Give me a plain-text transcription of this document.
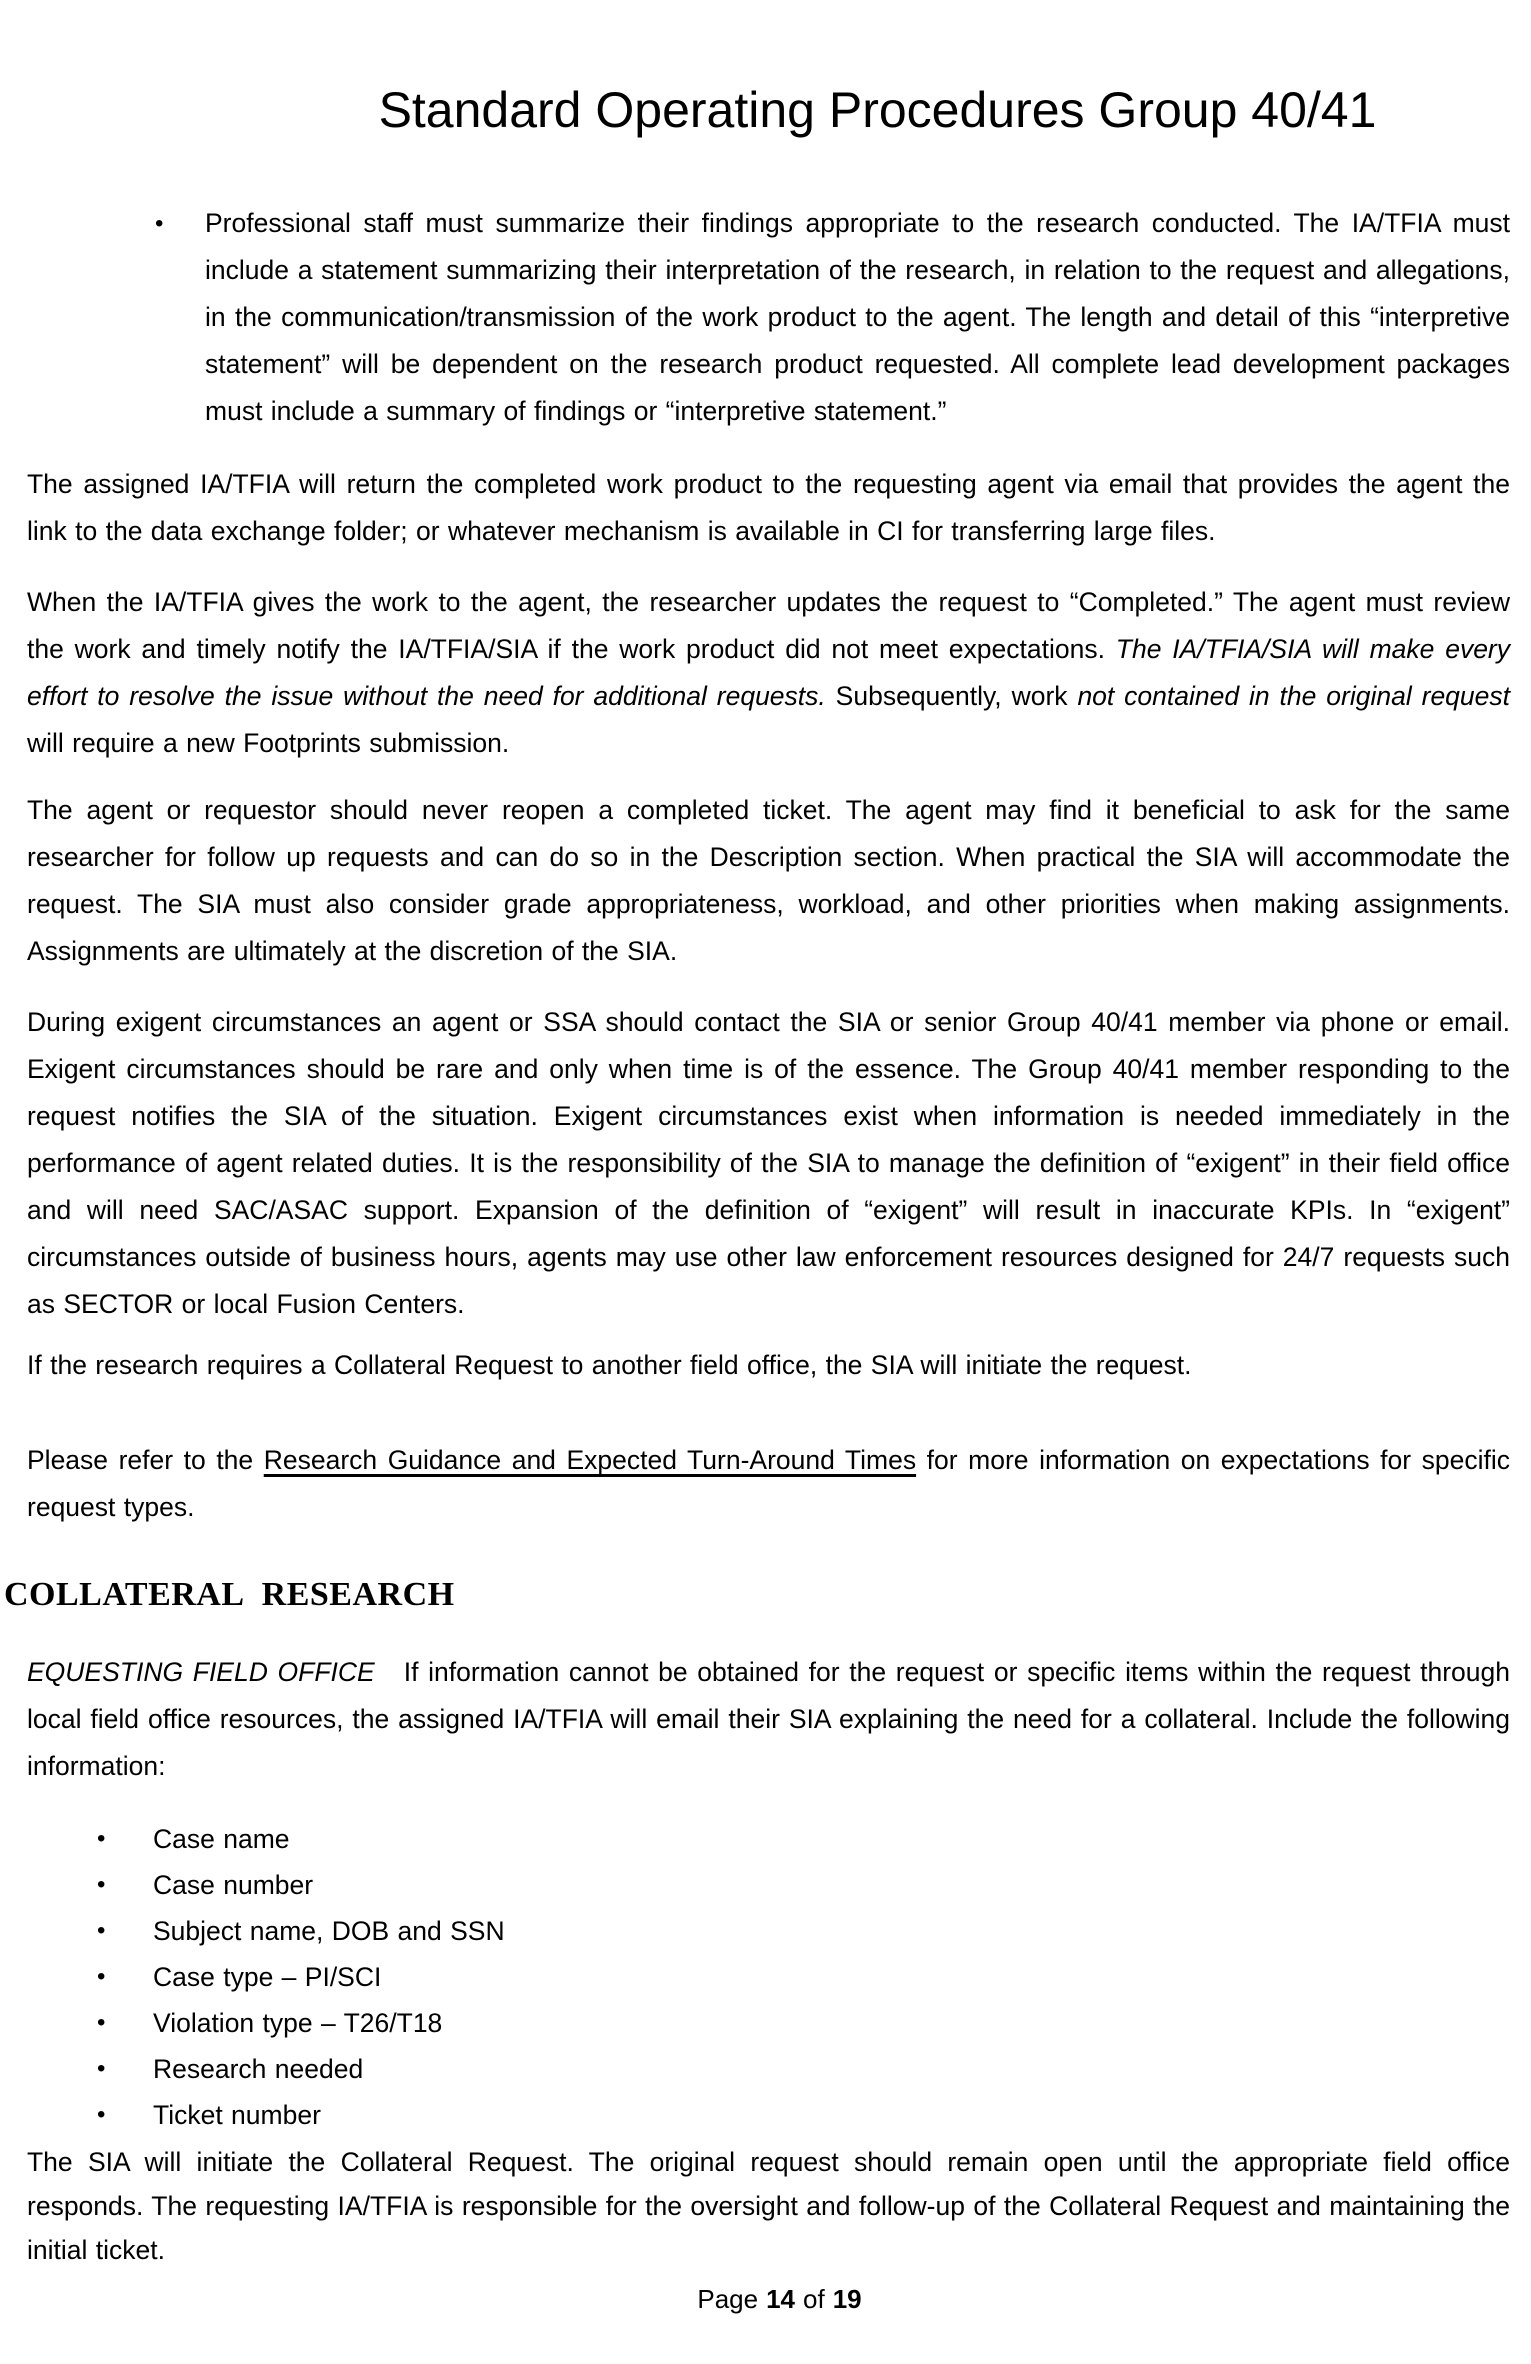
Standard Operating Procedures Group 40/41
•	Professional staff must summarize their findings appropriate to the research conducted. The IA/TFIA must include a statement summarizing their interpretation of the research, in relation to the request and allegations, in the communication/transmission of the work product to the agent. The length and detail of this “interpretive statement” will be dependent on the research product requested. All complete lead development packages must include a summary of findings or “interpretive statement.”

The assigned IA/TFIA will return the completed work product to the requesting agent via email that provides the agent the link to the data exchange folder; or whatever mechanism is available in CI for transferring large files.

When the IA/TFIA gives the work to the agent, the researcher updates the request to “Completed.” The agent must review the work and timely notify the IA/TFIA/SIA if the work product did not meet expectations. The IA/TFIA/SIA will make every effort to resolve the issue without the need for additional requests. Subsequently, work not contained in the original request will require a new Footprints submission.

The agent or requestor should never reopen a completed ticket. The agent may find it beneficial to ask for the same researcher for follow up requests and can do so in the Description section. When practical the SIA will accommodate the request. The SIA must also consider grade appropriateness, workload, and other priorities when making assignments. Assignments are ultimately at the discretion of the SIA.

During exigent circumstances an agent or SSA should contact the SIA or senior Group 40/41 member via phone or email. Exigent circumstances should be rare and only when time is of the essence. The Group 40/41 member responding to the request notifies the SIA of the situation. Exigent circumstances exist when information is needed immediately in the performance of agent related duties. It is the responsibility of the SIA to manage the definition of “exigent” in their field office and will need SAC/ASAC support. Expansion of the definition of “exigent” will result in inaccurate KPIs. In “exigent” circumstances outside of business hours, agents may use other law enforcement resources designed for 24/7 requests such as SECTOR or local Fusion Centers.

If the research requires a Collateral Request to another field office, the SIA will initiate the request.

Please refer to the Research Guidance and Expected Turn-Around Times for more information on expectations for specific request types.

COLLATERAL RESEARCH

EQUESTING FIELD OFFICE   If information cannot be obtained for the request or specific items within the request through local field office resources, the assigned IA/TFIA will email their SIA explaining the need for a collateral. Include the following information:

•	Case name
•	Case number
•	Subject name, DOB and SSN
•	Case type – PI/SCI
•	Violation type – T26/T18
•	Research needed
•	Ticket number

The SIA will initiate the Collateral Request. The original request should remain open until the appropriate field office responds. The requesting IA/TFIA is responsible for the oversight and follow-up of the Collateral Request and maintaining the initial ticket.

Page 14 of 19
